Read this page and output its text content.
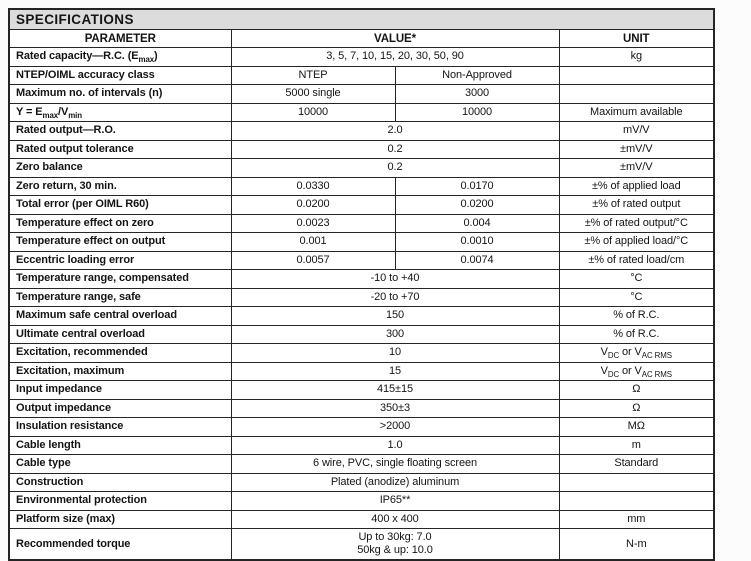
SPECIFICATIONS			
PARAMETER	VALUE*		UNIT
Rated capacity—R.C. $(E_{max})$	3, 5, 7, 10, 15, 20, 30, 50, 90		kg
NTEP/OIML accuracy class	NTEP	Non-Approved	
Maximum no. of intervals (n)	5000 single	3000	
$Y = E_{max}/V_{min}$	10000	10000	Maximum available
Rated output—R.O.	2.0		mV/V
Rated output tolerance	0.2		±mV/V
Zero balance	0.2		±mV/V
Zero return, 30 min.	0.0330	0.0170	±% of applied load
Total error (per OIML R60)	0.0200	0.0200	±% of rated output
Temperature effect on zero	0.0023	0.004	±% of rated output/°C
Temperature effect on output	0.001	0.0010	±% of applied load/°C
Eccentric loading error	0.0057	0.0074	±% of rated load/cm
Temperature range, compensated	-10 to +40		°C
Temperature range, safe	-20 to +70		°C
Maximum safe central overload	150		% of R.C.
Ultimate central overload	300		% of R.C.
Excitation, recommended	10		$V_{DC}$ or $V_{AC RMS}$
Excitation, maximum	15		$V_{DC}$ or $V_{AC RMS}$
Input impedance	415±15		Ω
Output impedance	350±3		Ω
Insulation resistance	>2000		MΩ
Cable length	1.0		m
Cable type	6 wire, PVC, single floating screen		Standard
Construction	Plated (anodize) aluminum		
Environmental protection	IP65**		
Platform size (max)	400 x 400		mm
Recommended torque	Up to 30kg: 7.0
50kg & up: 10.0		N-m
